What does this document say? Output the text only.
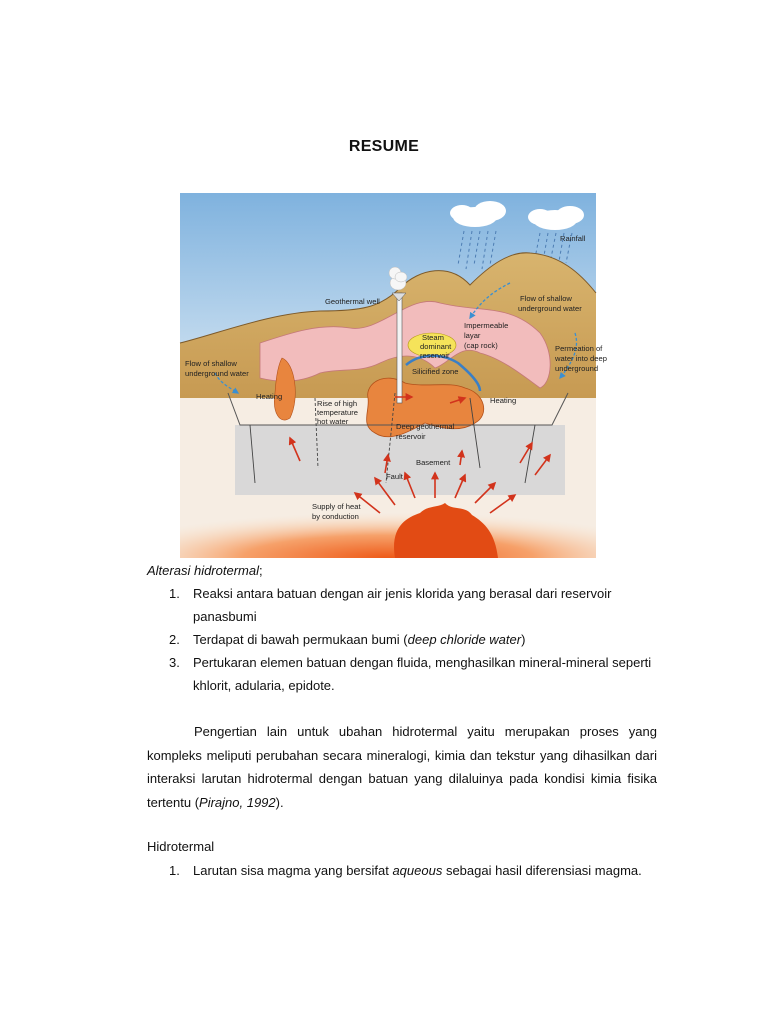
RESUME
Rainfall
Geothermal well	Flow of shallow
underground water
Impermeable
layar
(cap rock)
Steam
dominant
reservoir
Flow of shallow
underground water
Permeation of
water into deep
underground
Silicified zone
Heating	Heating
Rise of high
temperature
hot water
Deep geothermal
reservoir
Basement
Fault
Supply of heat
by conduction
Alterasi hidrotermal;
1.	Reaksi antara batuan dengan air jenis klorida yang berasal dari reservoir panasbumi
2.	Terdapat di bawah permukaan bumi (deep chloride water)
3.	Pertukaran elemen batuan dengan fluida, menghasilkan mineral-mineral seperti khlorit, adularia, epidote.
Pengertian lain untuk ubahan hidrotermal yaitu merupakan proses yang kompleks meliputi perubahan secara mineralogi, kimia dan tekstur yang dihasilkan dari interaksi larutan hidrotermal dengan batuan yang dilaluinya pada kondisi kimia fisika tertentu (Pirajno, 1992).
Hidrotermal
1.	Larutan sisa magma yang bersifat aqueous sebagai hasil diferensiasi magma.
